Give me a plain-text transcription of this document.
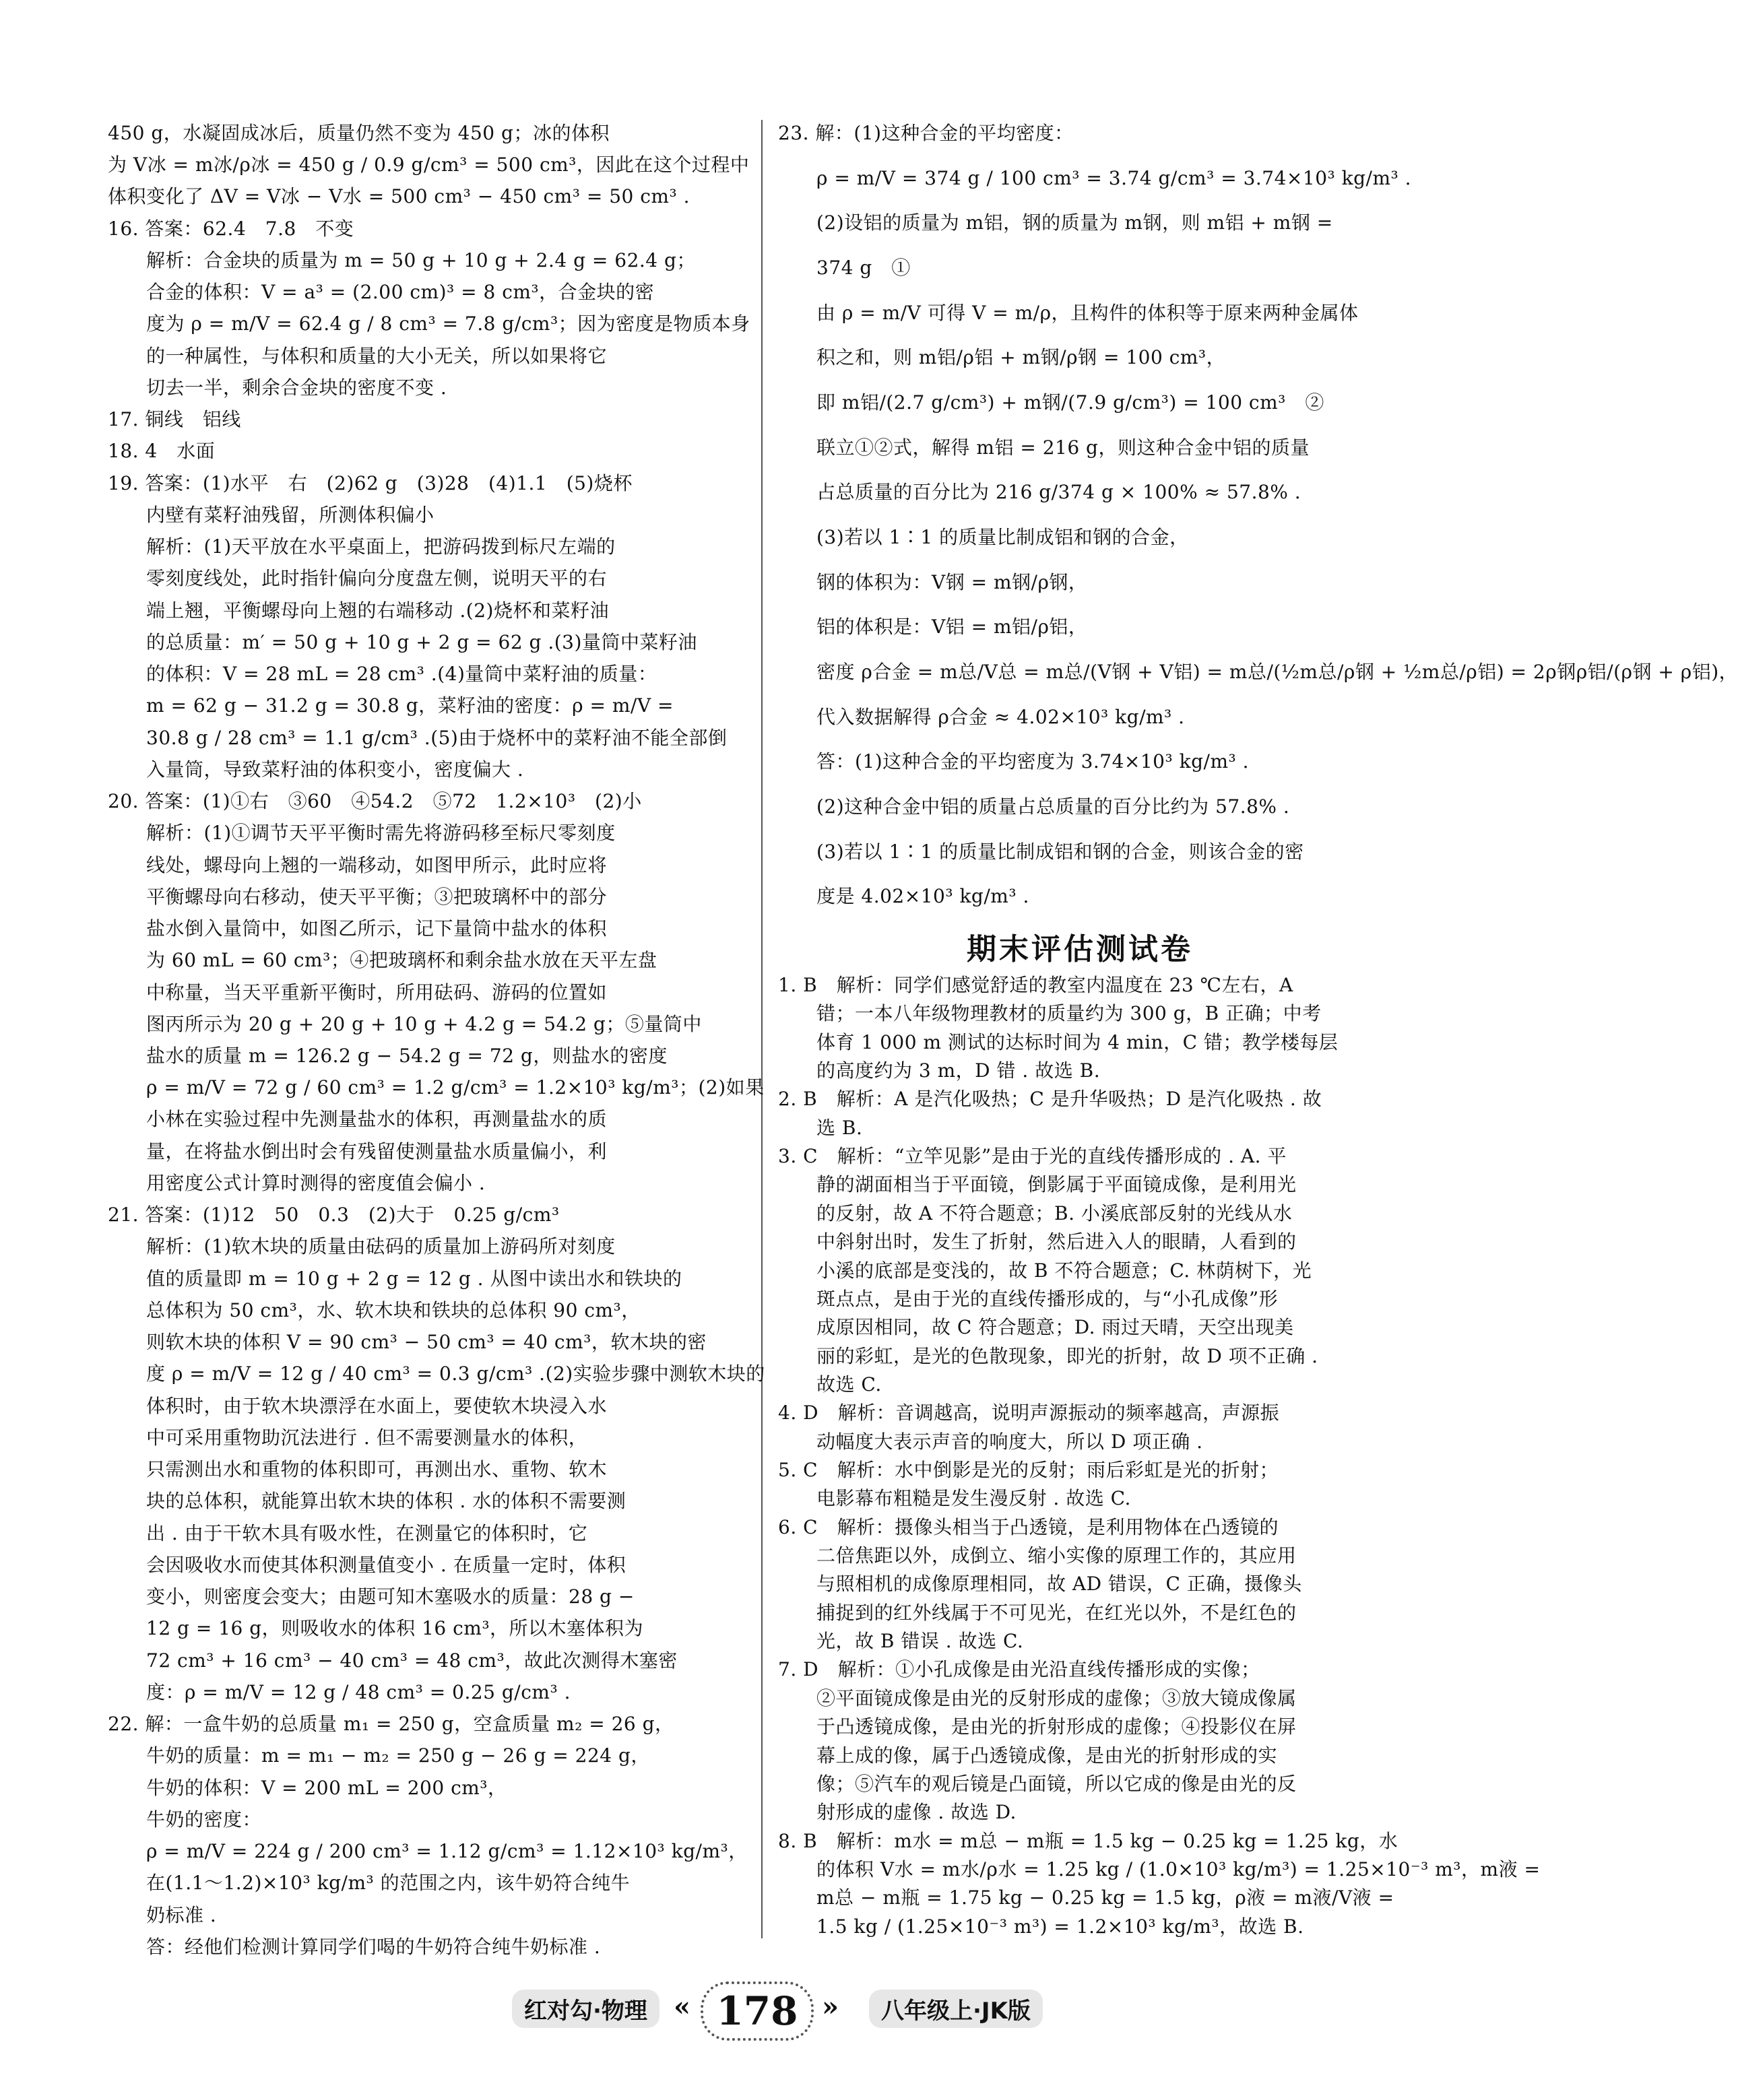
450 g，水凝固成冰后，质量仍然不变为 450 g；冰的体积
为 V冰 = m冰/ρ冰 = 450 g / 0.9 g/cm³ = 500 cm³，因此在这个过程中
体积变化了 ΔV = V冰 − V水 = 500 cm³ − 450 cm³ = 50 cm³ .
16. 答案：62.4　7.8　不变
　　解析：合金块的质量为 m = 50 g + 10 g + 2.4 g = 62.4 g；
　　合金的体积：V = a³ = (2.00 cm)³ = 8 cm³，合金块的密
　　度为 ρ = m/V = 62.4 g / 8 cm³ = 7.8 g/cm³；因为密度是物质本身
　　的一种属性，与体积和质量的大小无关，所以如果将它
　　切去一半，剩余合金块的密度不变 .
17. 铜线　铝线
18. 4　水面
19. 答案：(1)水平　右　(2)62 g　(3)28　(4)1.1　(5)烧杯
　　内壁有菜籽油残留，所测体积偏小
　　解析：(1)天平放在水平桌面上，把游码拨到标尺左端的
　　零刻度线处，此时指针偏向分度盘左侧，说明天平的右
　　端上翘，平衡螺母向上翘的右端移动 .(2)烧杯和菜籽油
　　的总质量：m′ = 50 g + 10 g + 2 g = 62 g .(3)量筒中菜籽油
　　的体积：V = 28 mL = 28 cm³ .(4)量筒中菜籽油的质量：
　　m = 62 g − 31.2 g = 30.8 g，菜籽油的密度：ρ = m/V =
　　30.8 g / 28 cm³ = 1.1 g/cm³ .(5)由于烧杯中的菜籽油不能全部倒
　　入量筒，导致菜籽油的体积变小，密度偏大 .
20. 答案：(1)①右　③60　④54.2　⑤72　1.2×10³　(2)小
　　解析：(1)①调节天平平衡时需先将游码移至标尺零刻度
　　线处，螺母向上翘的一端移动，如图甲所示，此时应将
　　平衡螺母向右移动，使天平平衡；③把玻璃杯中的部分
　　盐水倒入量筒中，如图乙所示，记下量筒中盐水的体积
　　为 60 mL = 60 cm³；④把玻璃杯和剩余盐水放在天平左盘
　　中称量，当天平重新平衡时，所用砝码、游码的位置如
　　图丙所示为 20 g + 20 g + 10 g + 4.2 g = 54.2 g；⑤量筒中
　　盐水的质量 m = 126.2 g − 54.2 g = 72 g，则盐水的密度
　　ρ = m/V = 72 g / 60 cm³ = 1.2 g/cm³ = 1.2×10³ kg/m³；(2)如果
　　小林在实验过程中先测量盐水的体积，再测量盐水的质
　　量，在将盐水倒出时会有残留使测量盐水质量偏小，利
　　用密度公式计算时测得的密度值会偏小 .
21. 答案：(1)12　50　0.3　(2)大于　0.25 g/cm³
　　解析：(1)软木块的质量由砝码的质量加上游码所对刻度
　　值的质量即 m = 10 g + 2 g = 12 g . 从图中读出水和铁块的
　　总体积为 50 cm³，水、软木块和铁块的总体积 90 cm³，
　　则软木块的体积 V = 90 cm³ − 50 cm³ = 40 cm³，软木块的密
　　度 ρ = m/V = 12 g / 40 cm³ = 0.3 g/cm³ .(2)实验步骤中测软木块的
　　体积时，由于软木块漂浮在水面上，要使软木块浸入水
　　中可采用重物助沉法进行 . 但不需要测量水的体积，
　　只需测出水和重物的体积即可，再测出水、重物、软木
　　块的总体积，就能算出软木块的体积 . 水的体积不需要测
　　出 . 由于干软木具有吸水性，在测量它的体积时，它
　　会因吸收水而使其体积测量值变小 . 在质量一定时，体积
　　变小，则密度会变大；由题可知木塞吸水的质量：28 g −
　　12 g = 16 g，则吸收水的体积 16 cm³，所以木塞体积为
　　72 cm³ + 16 cm³ − 40 cm³ = 48 cm³，故此次测得木塞密
　　度：ρ = m/V = 12 g / 48 cm³ = 0.25 g/cm³ .
22. 解：一盒牛奶的总质量 m₁ = 250 g，空盒质量 m₂ = 26 g，
　　牛奶的质量：m = m₁ − m₂ = 250 g − 26 g = 224 g，
　　牛奶的体积：V = 200 mL = 200 cm³，
　　牛奶的密度：
　　ρ = m/V = 224 g / 200 cm³ = 1.12 g/cm³ = 1.12×10³ kg/m³，
　　在(1.1～1.2)×10³ kg/m³ 的范围之内，该牛奶符合纯牛
　　奶标准 .
　　答：经他们检测计算同学们喝的牛奶符合纯牛奶标准 .
期末评估测试卷
23. 解：(1)这种合金的平均密度：
　　ρ = m/V = 374 g / 100 cm³ = 3.74 g/cm³ = 3.74×10³ kg/m³ .
　　(2)设铝的质量为 m铝，钢的质量为 m钢，则 m铝 + m钢 =
　　374 g　①
　　由 ρ = m/V 可得 V = m/ρ，且构件的体积等于原来两种金属体
　　积之和，则 m铝/ρ铝 + m钢/ρ钢 = 100 cm³，
　　即 m铝/(2.7 g/cm³) + m钢/(7.9 g/cm³) = 100 cm³　②
　　联立①②式，解得 m铝 = 216 g，则这种合金中铝的质量
　　占总质量的百分比为 216 g/374 g × 100% ≈ 57.8% .
　　(3)若以 1∶1 的质量比制成铝和钢的合金，
　　钢的体积为：V钢 = m钢/ρ钢，
　　铝的体积是：V铝 = m铝/ρ铝，
　　密度 ρ合金 = m总/V总 = m总/(V钢 + V铝) = m总/(½m总/ρ钢 + ½m总/ρ铝) = 2ρ钢ρ铝/(ρ钢 + ρ铝)，
　　代入数据解得 ρ合金 ≈ 4.02×10³ kg/m³ .
　　答：(1)这种合金的平均密度为 3.74×10³ kg/m³ .
　　(2)这种合金中铝的质量占总质量的百分比约为 57.8% .
　　(3)若以 1∶1 的质量比制成铝和钢的合金，则该合金的密
　　度是 4.02×10³ kg/m³ .
1. B　解析：同学们感觉舒适的教室内温度在 23 ℃左右，A
　　错；一本八年级物理教材的质量约为 300 g，B 正确；中考
　　体育 1 000 m 测试的达标时间为 4 min，C 错；教学楼每层
　　的高度约为 3 m，D 错 . 故选 B.
2. B　解析：A 是汽化吸热；C 是升华吸热；D 是汽化吸热 . 故
　　选 B.
3. C　解析：“立竿见影”是由于光的直线传播形成的 . A. 平
　　静的湖面相当于平面镜，倒影属于平面镜成像，是利用光
　　的反射，故 A 不符合题意；B. 小溪底部反射的光线从水
　　中斜射出时，发生了折射，然后进入人的眼睛，人看到的
　　小溪的底部是变浅的，故 B 不符合题意；C. 林荫树下，光
　　斑点点，是由于光的直线传播形成的，与“小孔成像”形
　　成原因相同，故 C 符合题意；D. 雨过天晴，天空出现美
　　丽的彩虹，是光的色散现象，即光的折射，故 D 项不正确 .
　　故选 C.
4. D　解析：音调越高，说明声源振动的频率越高，声源振
　　动幅度大表示声音的响度大，所以 D 项正确 .
5. C　解析：水中倒影是光的反射；雨后彩虹是光的折射；
　　电影幕布粗糙是发生漫反射 . 故选 C.
6. C　解析：摄像头相当于凸透镜，是利用物体在凸透镜的
　　二倍焦距以外，成倒立、缩小实像的原理工作的，其应用
　　与照相机的成像原理相同，故 AD 错误，C 正确，摄像头
　　捕捉到的红外线属于不可见光，在红光以外，不是红色的
　　光，故 B 错误 . 故选 C.
7. D　解析：①小孔成像是由光沿直线传播形成的实像；
　　②平面镜成像是由光的反射形成的虚像；③放大镜成像属
　　于凸透镜成像，是由光的折射形成的虚像；④投影仪在屏
　　幕上成的像，属于凸透镜成像，是由光的折射形成的实
　　像；⑤汽车的观后镜是凸面镜，所以它成的像是由光的反
　　射形成的虚像 . 故选 D.
8. B　解析：m水 = m总 − m瓶 = 1.5 kg − 0.25 kg = 1.25 kg，水
　　的体积 V水 = m水/ρ水 = 1.25 kg / (1.0×10³ kg/m³) = 1.25×10⁻³ m³，m液 =
　　m总 − m瓶 = 1.75 kg − 0.25 kg = 1.5 kg，ρ液 = m液/V液 =
　　1.5 kg / (1.25×10⁻³ m³) = 1.2×10³ kg/m³，故选 B.
红对勾·物理 « 178 »	八年级上·JK版
